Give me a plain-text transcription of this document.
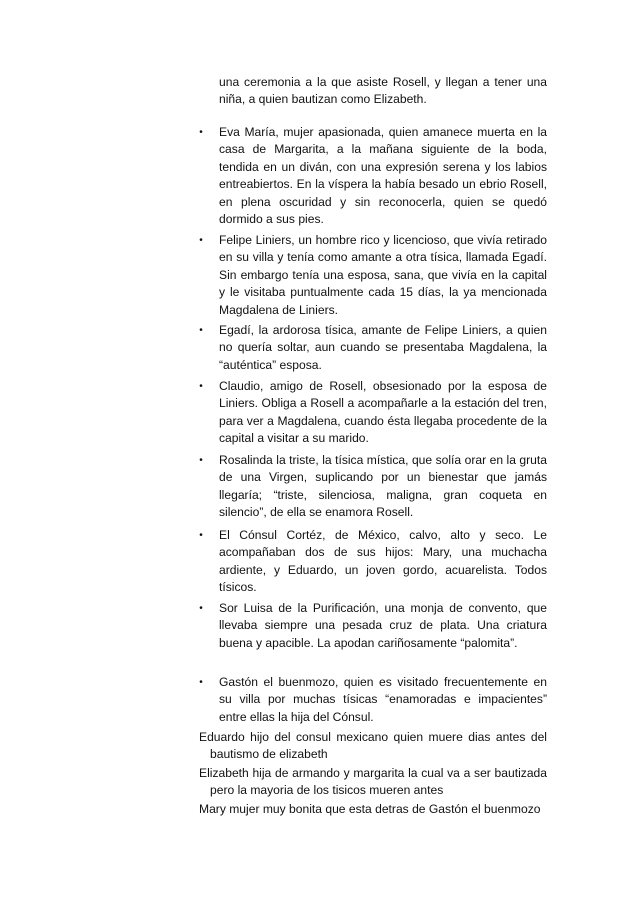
una ceremonia a la que asiste Rosell, y llegan a tener una niña, a quien bautizan como Elizabeth.

• Eva María, mujer apasionada, quien amanece muerta en la casa de Margarita, a la mañana siguiente de la boda, tendida en un diván, con una expresión serena y los labios entreabiertos. En la víspera la había besado un ebrio Rosell, en plena oscuridad y sin reconocerla, quien se quedó dormido a sus pies.

• Felipe Liniers, un hombre rico y licencioso, que vivía retirado en su villa y tenía como amante a otra tísica, llamada Egadí. Sin embargo tenía una esposa, sana, que vivía en la capital y le visitaba puntualmente cada 15 días, la ya mencionada Magdalena de Liniers.

• Egadí, la ardorosa tísica, amante de Felipe Liniers, a quien no quería soltar, aun cuando se presentaba Magdalena, la “auténtica” esposa.

• Claudio, amigo de Rosell, obsesionado por la esposa de Liniers. Obliga a Rosell a acompañarle a la estación del tren, para ver a Magdalena, cuando ésta llegaba procedente de la capital a visitar a su marido.

• Rosalinda la triste, la tísica mística, que solía orar en la gruta de una Virgen, suplicando por un bienestar que jamás llegaría; “triste, silenciosa, maligna, gran coqueta en silencio”, de ella se enamora Rosell.

• El Cónsul Cortéz, de México, calvo, alto y seco. Le acompañaban dos de sus hijos: Mary, una muchacha ardiente, y Eduardo, un joven gordo, acuarelista. Todos tísicos.

• Sor Luisa de la Purificación, una monja de convento, que llevaba siempre una pesada cruz de plata. Una criatura buena y apacible. La apodan cariñosamente “palomita”.

• Gastón el buenmozo, quien es visitado frecuentemente en su villa por muchas tísicas “enamoradas e impacientes” entre ellas la hija del Cónsul.

Eduardo hijo del consul mexicano quien muere dias antes del bautismo de elizabeth

Elizabeth hija de armando y margarita la cual va a ser bautizada pero la mayoria de los tisicos mueren antes

Mary mujer muy bonita que esta detras de Gastón el buenmozo
